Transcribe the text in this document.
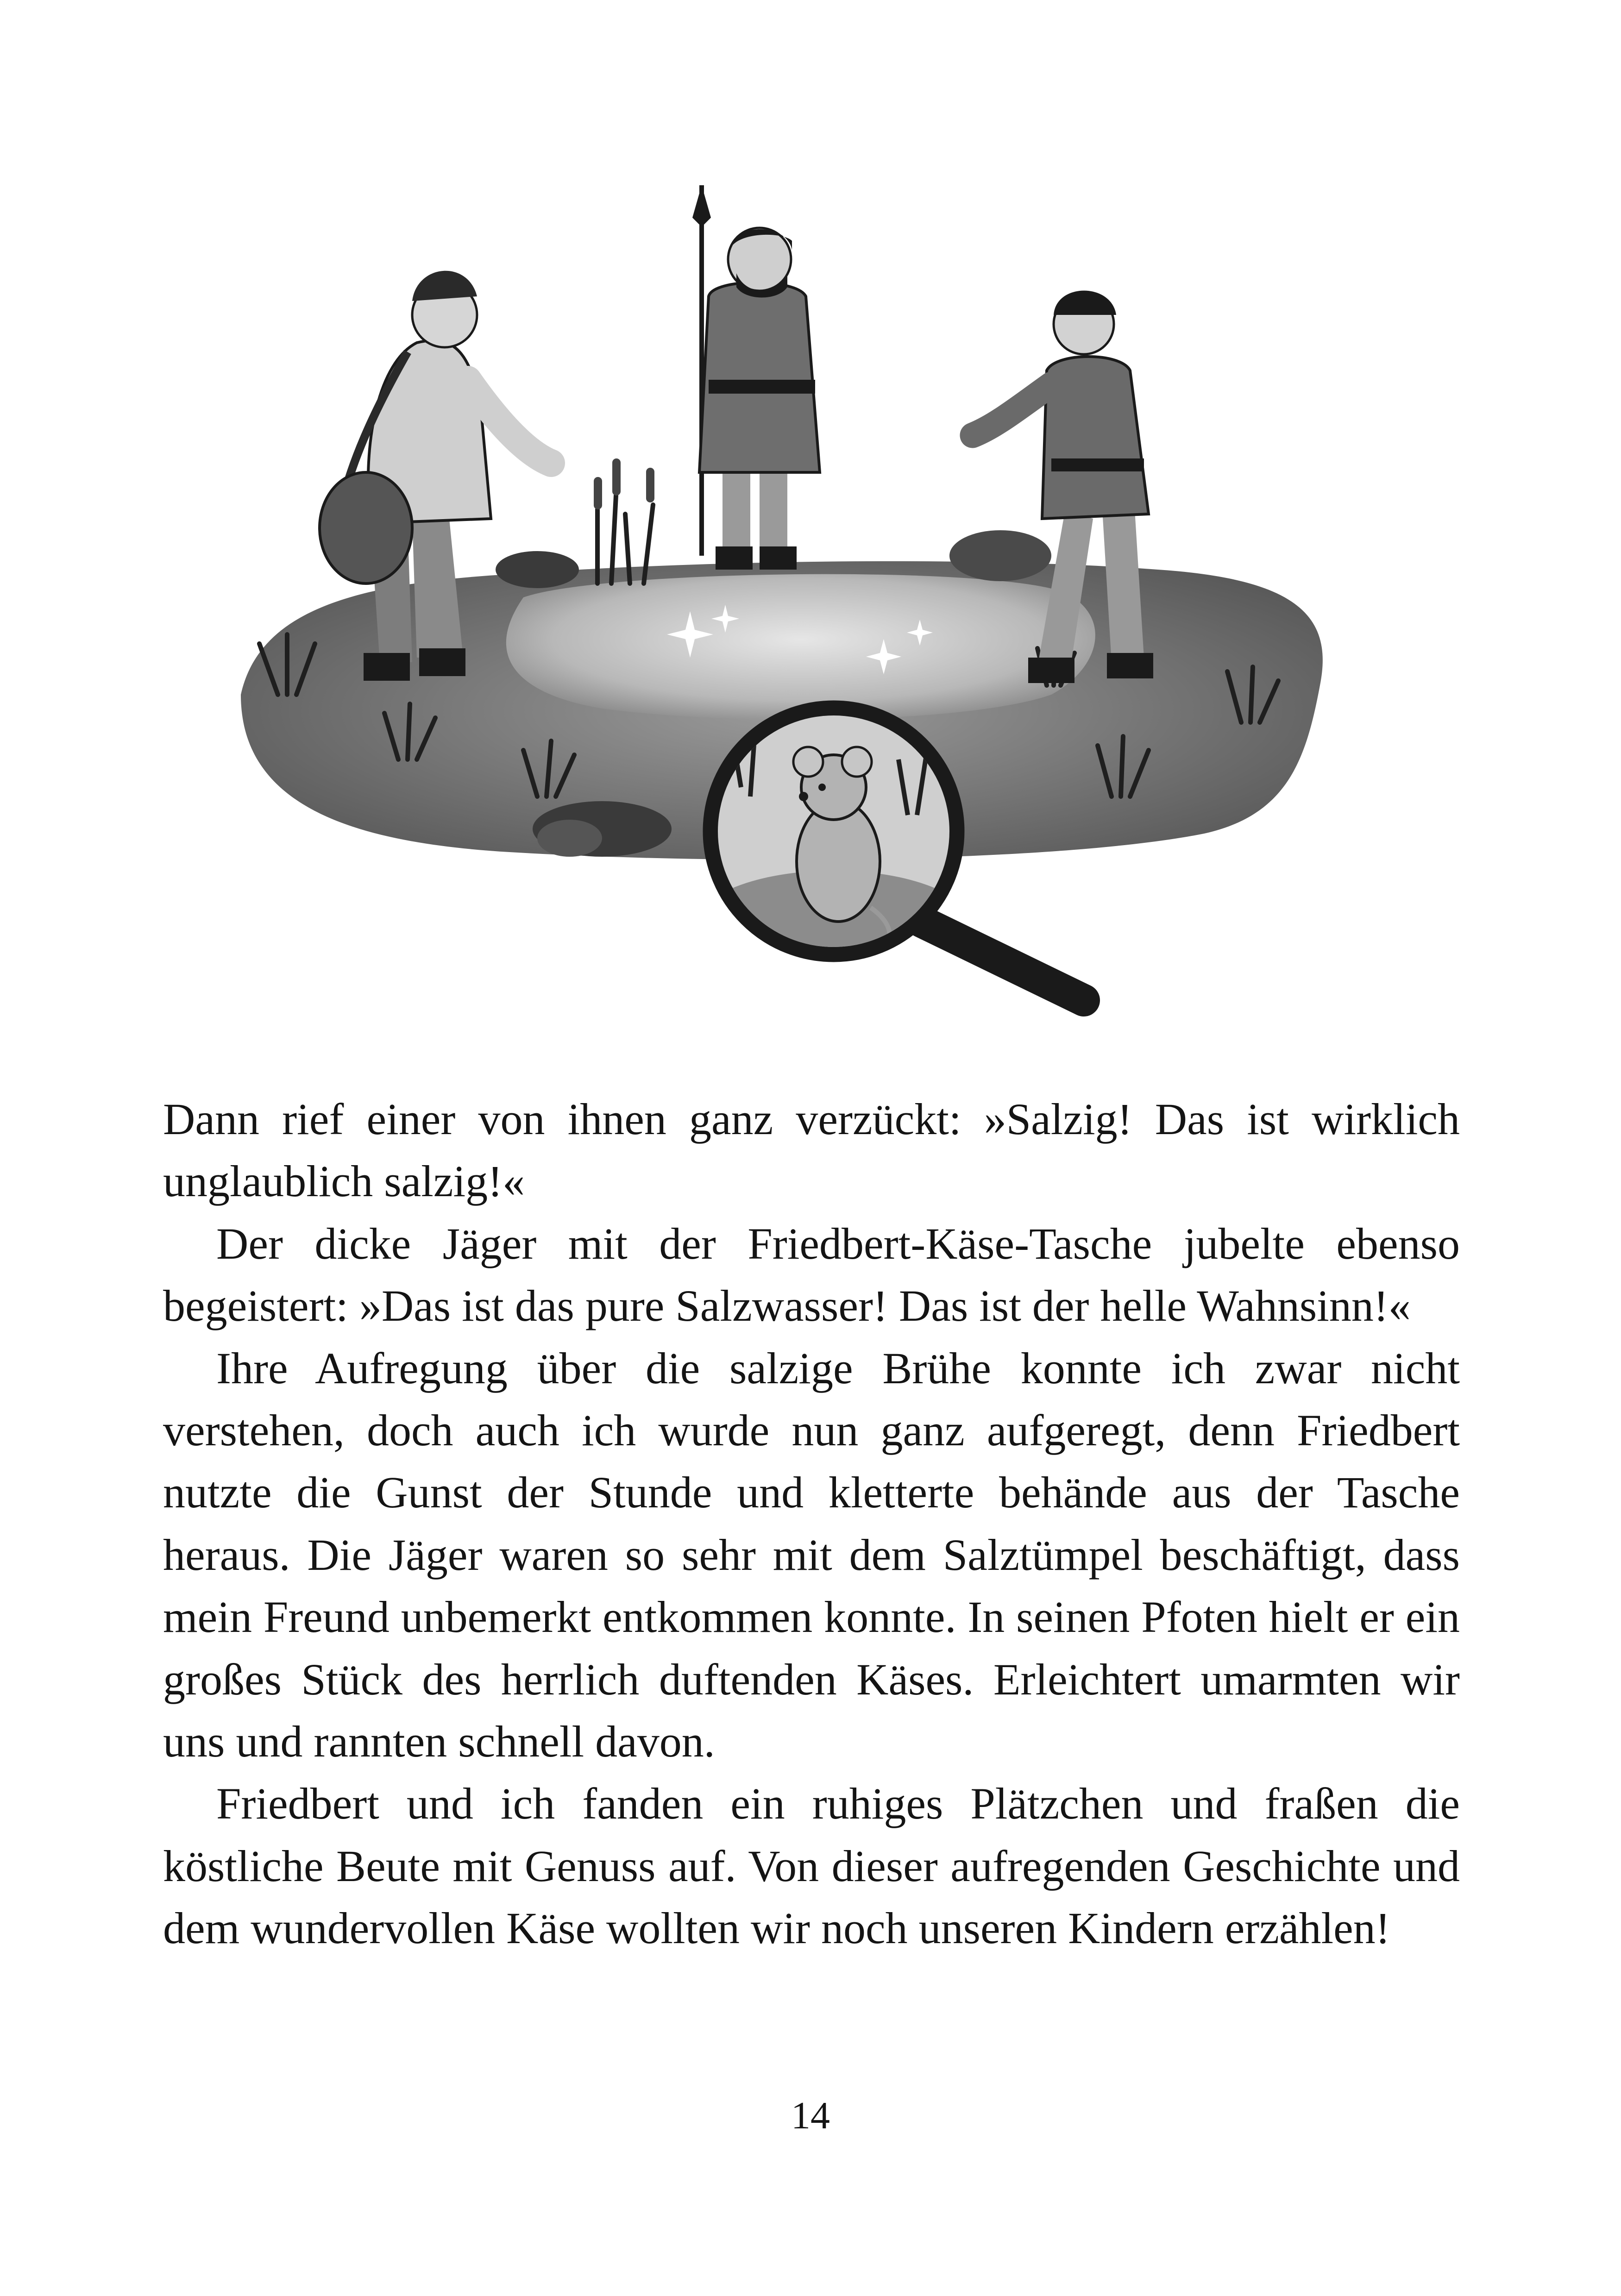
Dann rief einer von ihnen ganz verzückt: »Salzig! Das ist wirklich unglaublich salzig!«

Der dicke Jäger mit der Friedbert-Käse-Tasche jubelte ebenso begeistert: »Das ist das pure Salzwasser! Das ist der helle Wahnsinn!«

Ihre Aufregung über die salzige Brühe konnte ich zwar nicht verstehen, doch auch ich wurde nun ganz aufgeregt, denn Friedbert nutzte die Gunst der Stunde und kletterte behände aus der Tasche heraus. Die Jäger waren so sehr mit dem Salztümpel beschäftigt, dass mein Freund unbemerkt entkommen konnte. In seinen Pfoten hielt er ein großes Stück des herrlich duftenden Käses. Erleichtert umarmten wir uns und rannten schnell davon.

Friedbert und ich fanden ein ruhiges Plätzchen und fraßen die köstliche Beute mit Genuss auf. Von dieser aufregenden Geschichte und dem wundervollen Käse wollten wir noch unseren Kindern erzählen!

14
